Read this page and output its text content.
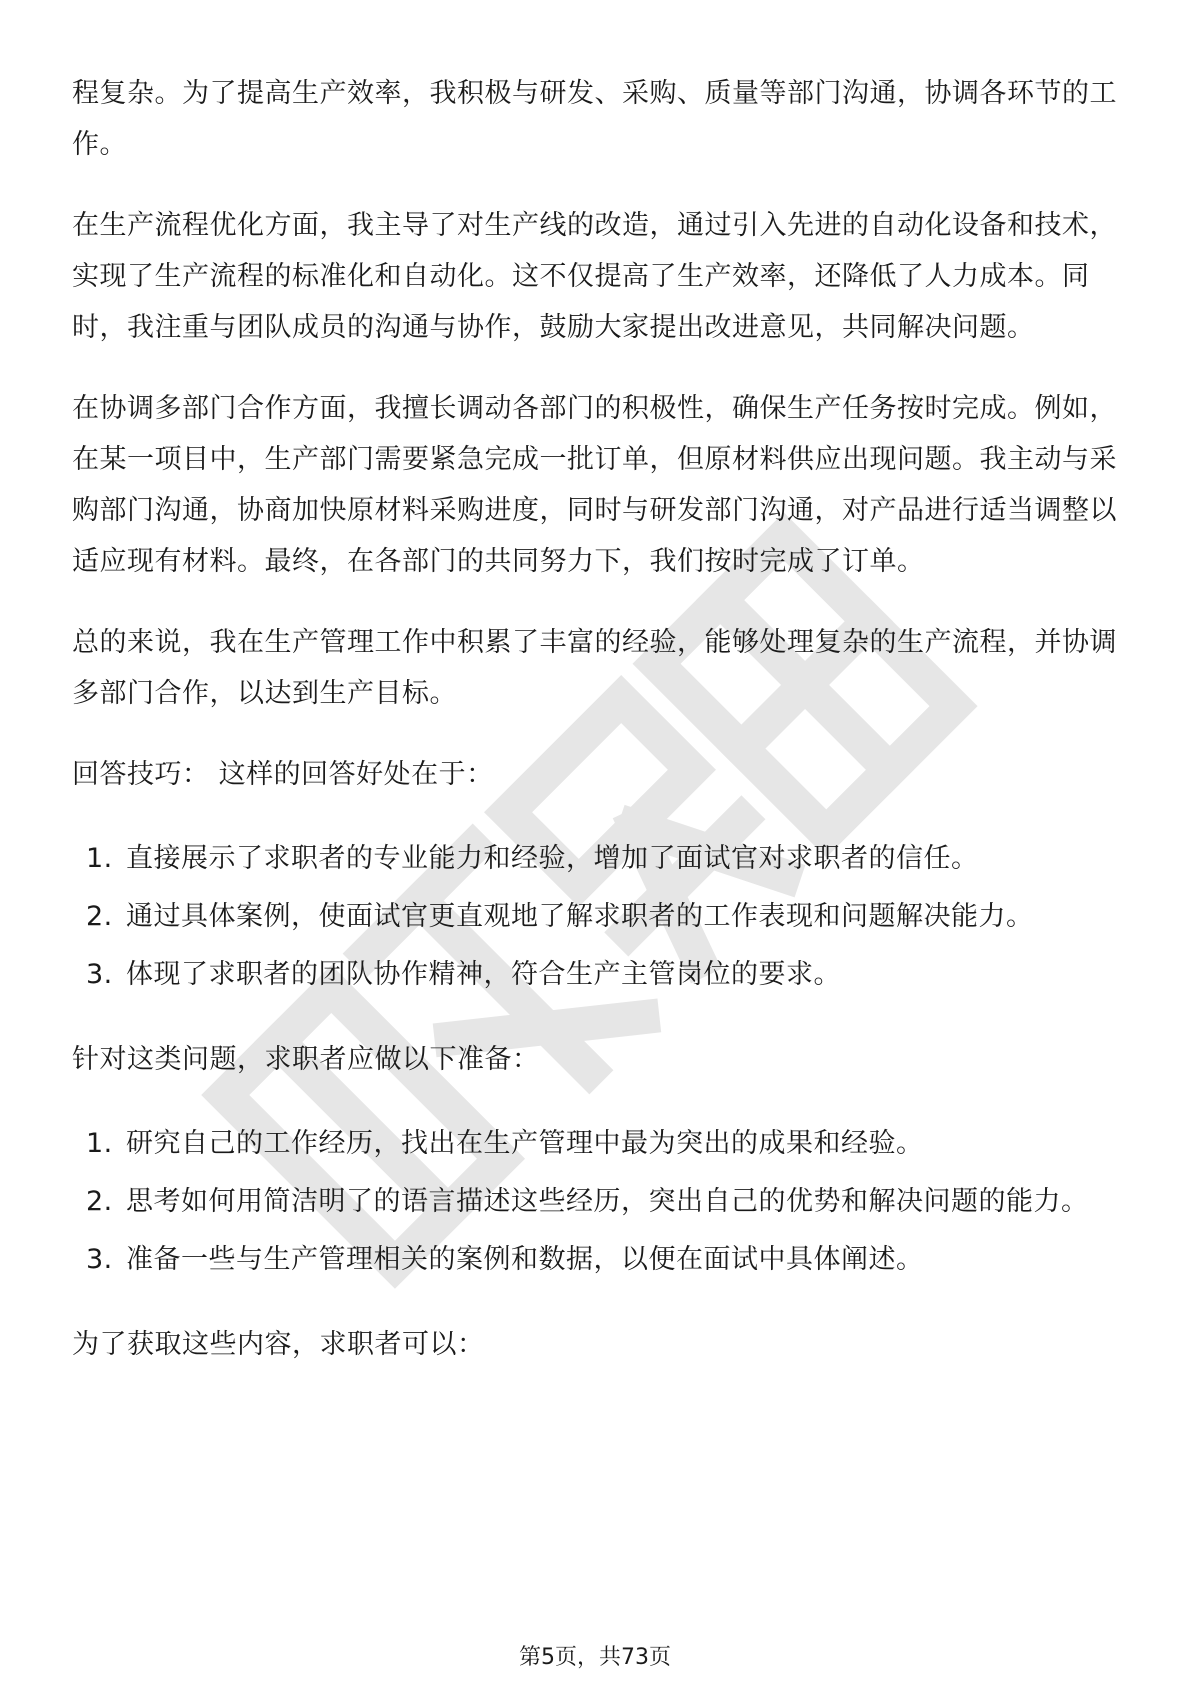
程复杂。为了提高生产效率，我积极与研发、采购、质量等部门沟通，协调各环节的工作。

在生产流程优化方面，我主导了对生产线的改造，通过引入先进的自动化设备和技术，实现了生产流程的标准化和自动化。这不仅提高了生产效率，还降低了人力成本。同时，我注重与团队成员的沟通与协作，鼓励大家提出改进意见，共同解决问题。

在协调多部门合作方面，我擅长调动各部门的积极性，确保生产任务按时完成。例如，在某一项目中，生产部门需要紧急完成一批订单，但原材料供应出现问题。我主动与采购部门沟通，协商加快原材料采购进度，同时与研发部门沟通，对产品进行适当调整以适应现有材料。最终，在各部门的共同努力下，我们按时完成了订单。

总的来说，我在生产管理工作中积累了丰富的经验，能够处理复杂的生产流程，并协调多部门合作，以达到生产目标。

回答技巧： 这样的回答好处在于：

1. 直接展示了求职者的专业能力和经验，增加了面试官对求职者的信任。
2. 通过具体案例，使面试官更直观地了解求职者的工作表现和问题解决能力。
3. 体现了求职者的团队协作精神，符合生产主管岗位的要求。

针对这类问题，求职者应做以下准备：

1. 研究自己的工作经历，找出在生产管理中最为突出的成果和经验。
2. 思考如何用简洁明了的语言描述这些经历，突出自己的优势和解决问题的能力。
3. 准备一些与生产管理相关的案例和数据，以便在面试中具体阐述。

为了获取这些内容，求职者可以：

第5页，共73页
